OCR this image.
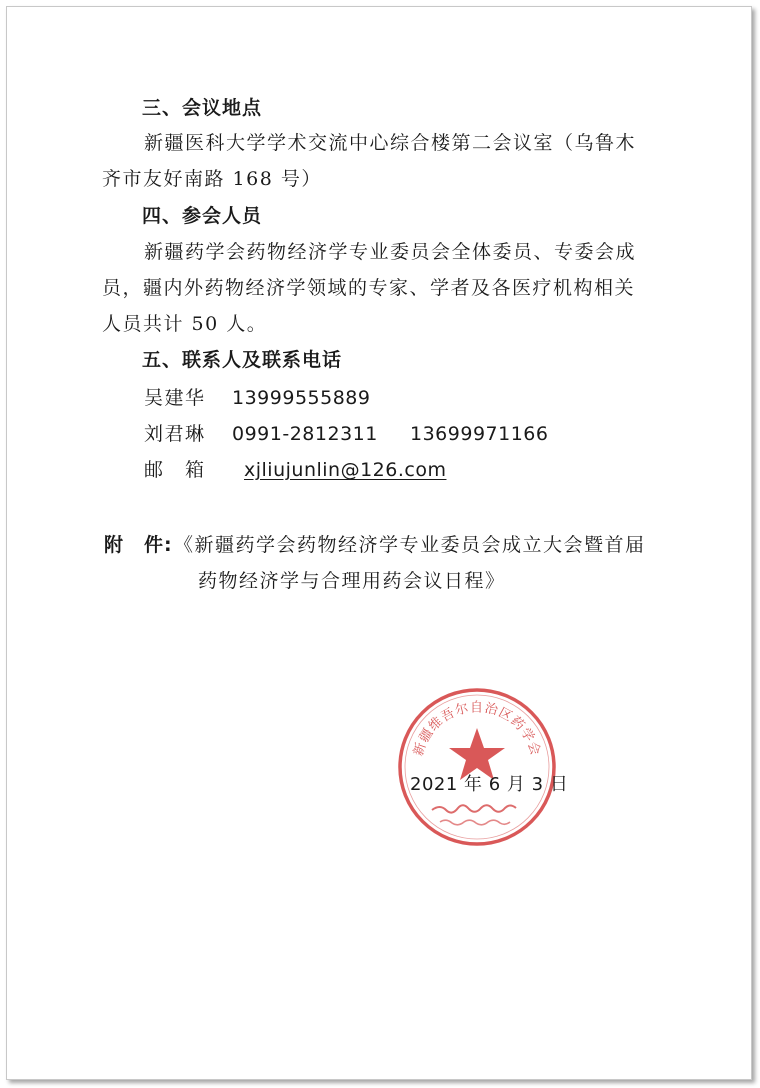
三、会议地点
新疆医科大学学术交流中心综合楼第二会议室（乌鲁木
齐市友好南路 168 号）
四、参会人员
新疆药学会药物经济学专业委员会全体委员、专委会成
员，疆内外药物经济学领域的专家、学者及各医疗机构相关
人员共计 50 人。
五、联系人及联系电话
吴建华 13999555889
刘君琳 0991-2812311 13699971166
邮　箱 xjliujunlin@126.com
附　件: 《新疆药学会药物经济学专业委员会成立大会暨首届
药物经济学与合理用药会议日程》
新疆维吾尔自治区药学会
2021 年 6 月 3 日
